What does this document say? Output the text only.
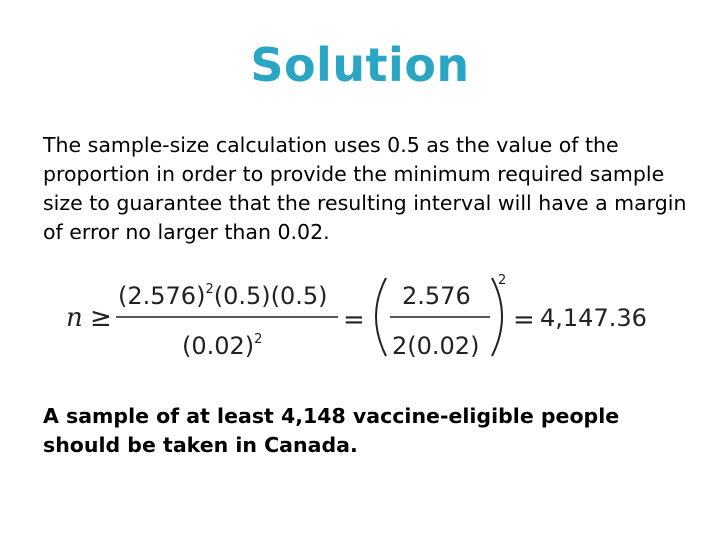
Solution
The sample-size calculation uses 0.5 as the value of the proportion in order to provide the minimum required sample size to guarantee that the resulting interval will have a margin of error no larger than 0.02.
n ≥
$(2.576)^2(0.5)(0.5)$
$(0.02)^2$
=
2.576
2(0.02)
2
= 4,147.36
A sample of at least 4,148 vaccine-eligible people should be taken in Canada.
